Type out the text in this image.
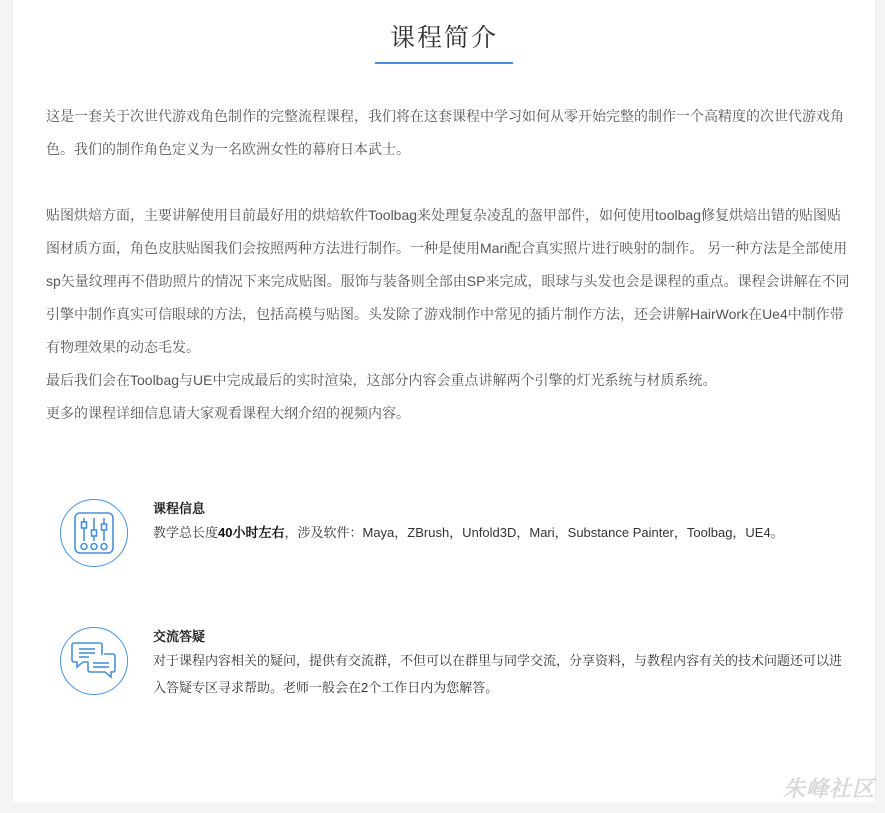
课程简介

这是一套关于次世代游戏角色制作的完整流程课程，我们将在这套课程中学习如何从零开始完整的制作一个高精度的次世代游戏角色。我们的制作角色定义为一名欧洲女性的幕府日本武士。

贴图烘焙方面，主要讲解使用目前最好用的烘焙软件Toolbag来处理复杂凌乱的盔甲部件，如何使用toolbag修复烘焙出错的贴图贴图材质方面，角色皮肤贴图我们会按照两种方法进行制作。一种是使用Mari配合真实照片进行映射的制作。 另一种方法是全部使用sp矢量纹理再不借助照片的情况下来完成贴图。服饰与装备则全部由SP来完成，眼球与头发也会是课程的重点。课程会讲解在不同引擎中制作真实可信眼球的方法，包括高模与贴图。头发除了游戏制作中常见的插片制作方法，还会讲解HairWork在Ue4中制作带有物理效果的动态毛发。

最后我们会在Toolbag与UE中完成最后的实时渲染，这部分内容会重点讲解两个引擎的灯光系统与材质系统。

更多的课程详细信息请大家观看课程大纲介绍的视频内容。

课程信息
教学总长度40小时左右，涉及软件：Maya，ZBrush，Unfold3D，Mari，Substance Painter，Toolbag，UE4。
交流答疑
对于课程内容相关的疑问，提供有交流群，不但可以在群里与同学交流，分享资料，与教程内容有关的技术问题还可以进入答疑专区寻求帮助。老师一般会在2个工作日内为您解答。
朱峰社区
